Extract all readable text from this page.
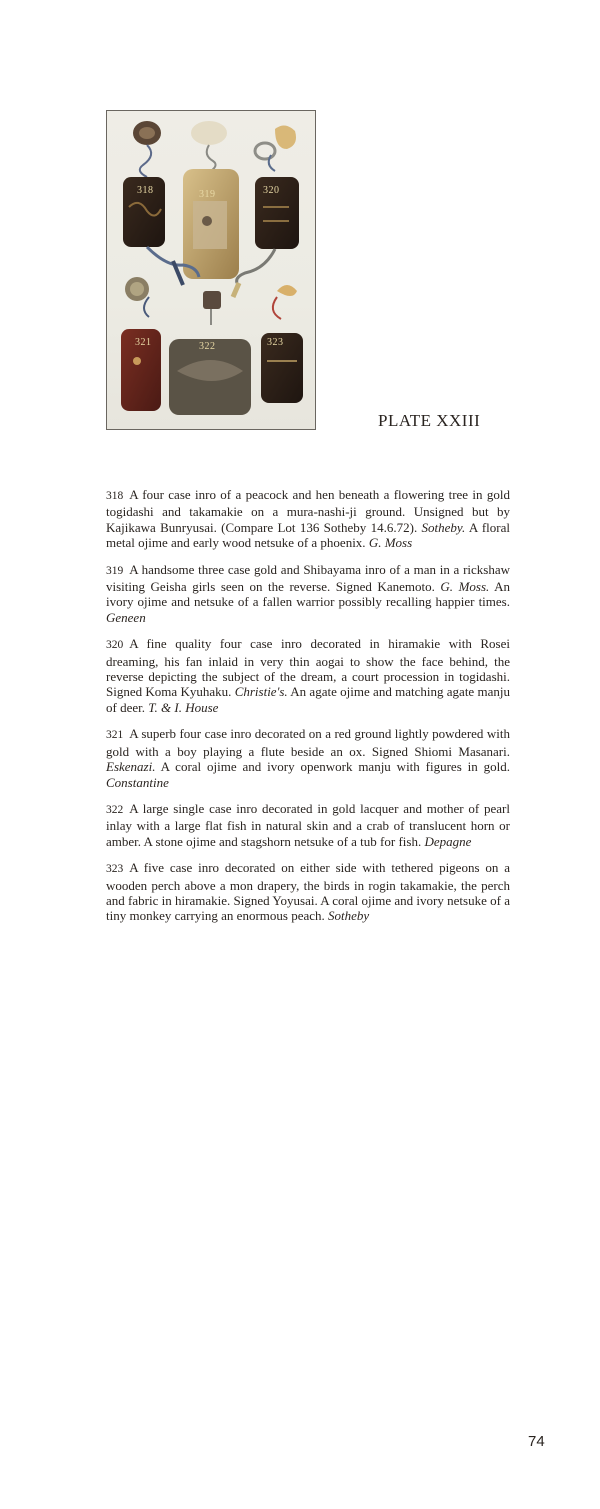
318	319	320
321	322	323
PLATE XXIII

318 A four case inro of a peacock and hen beneath a flowering tree in gold togidashi and takamakie on a mura-nashi-ji ground. Unsigned but by Kajikawa Bunryusai. (Compare Lot 136 Sotheby 14.6.72). Sotheby. A floral metal ojime and early wood netsuke of a phoenix. G. Moss

319 A handsome three case gold and Shibayama inro of a man in a rickshaw visiting Geisha girls seen on the reverse. Signed Kanemoto. G. Moss. An ivory ojime and netsuke of a fallen warrior possibly recalling happier times. Geneen

320 A fine quality four case inro decorated in hiramakie with Rosei dreaming, his fan inlaid in very thin aogai to show the face behind, the reverse depicting the subject of the dream, a court procession in togidashi. Signed Koma Kyuhaku. Christie's. An agate ojime and matching agate manju of deer. T. & I. House

321 A superb four case inro decorated on a red ground lightly powdered with gold with a boy playing a flute beside an ox. Signed Shiomi Masanari. Eskenazi. A coral ojime and ivory openwork manju with figures in gold. Constantine

322 A large single case inro decorated in gold lacquer and mother of pearl inlay with a large flat fish in natural skin and a crab of translucent horn or amber. A stone ojime and stagshorn netsuke of a tub for fish. Depagne

323 A five case inro decorated on either side with tethered pigeons on a wooden perch above a mon drapery, the birds in rogin takamakie, the perch and fabric in hiramakie. Signed Yoyusai. A coral ojime and ivory netsuke of a tiny monkey carrying an enormous peach. Sotheby

74
